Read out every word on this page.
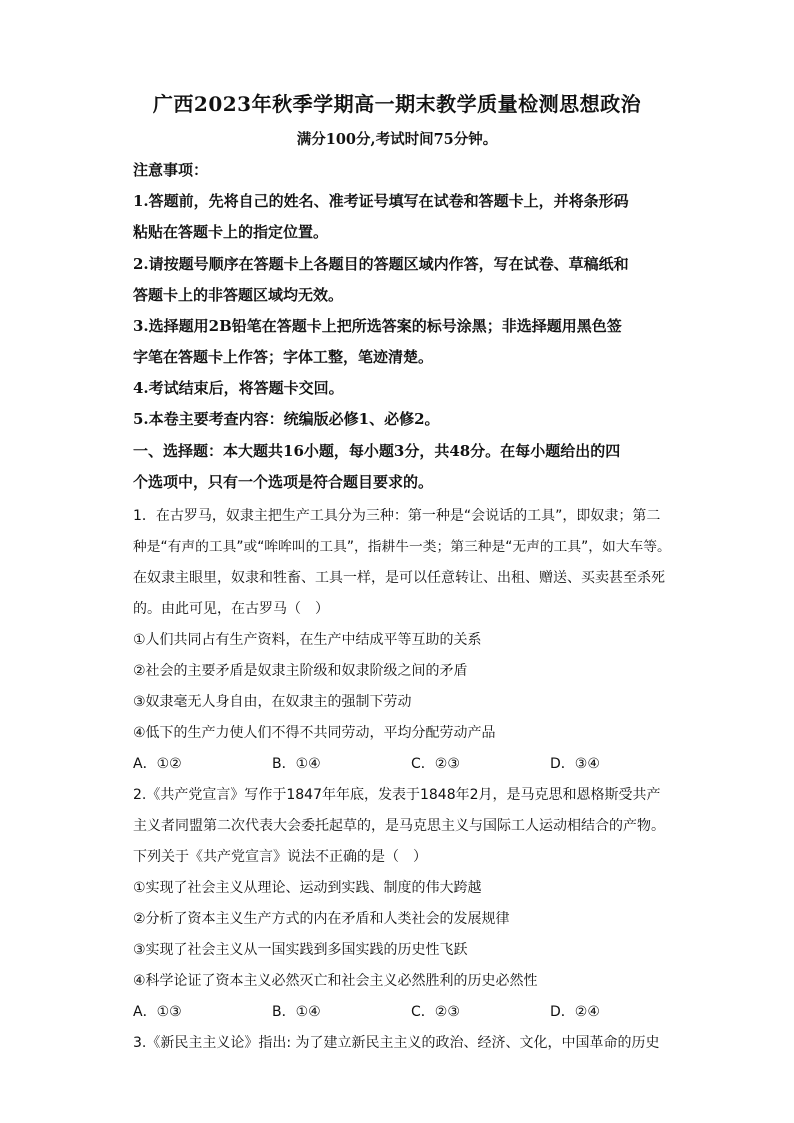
广西2023年秋季学期高一期末教学质量检测思想政治
满分100分,考试时间75分钟。
注意事项：
1.答题前，先将自己的姓名、准考证号填写在试卷和答题卡上，并将条形码
粘贴在答题卡上的指定位置。
2.请按题号顺序在答题卡上各题目的答题区域内作答，写在试卷、草稿纸和
答题卡上的非答题区域均无效。
3.选择题用2B铅笔在答题卡上把所选答案的标号涂黑；非选择题用黑色签
字笔在答题卡上作答；字体工整，笔迹清楚。
4.考试结束后，将答题卡交回。
5.本卷主要考查内容：统编版必修1、必修2。
一、选择题：本大题共16小题，每小题3分，共48分。在每小题给出的四
个选项中，只有一个选项是符合题目要求的。
1．在古罗马，奴隶主把生产工具分为三种：第一种是“会说话的工具”，即奴隶；第二
种是“有声的工具”或“哞哞叫的工具”，指耕牛一类；第三种是“无声的工具”，如大车等。
在奴隶主眼里，奴隶和牲畜、工具一样，是可以任意转让、出租、赠送、买卖甚至杀死
的。由此可见，在古罗马（　）
①人们共同占有生产资料，在生产中结成平等互助的关系
②社会的主要矛盾是奴隶主阶级和奴隶阶级之间的矛盾
③奴隶毫无人身自由，在奴隶主的强制下劳动
④低下的生产力使人们不得不共同劳动，平均分配劳动产品
A．①②	B．①④	C．②③	D．③④
2.《共产党宣言》写作于1847年年底，发表于1848年2月，是马克思和恩格斯受共产
主义者同盟第二次代表大会委托起草的，是马克思主义与国际工人运动相结合的产物。
下列关于《共产党宣言》说法不正确的是（　）
①实现了社会主义从理论、运动到实践、制度的伟大跨越
②分析了资本主义生产方式的内在矛盾和人类社会的发展规律
③实现了社会主义从一国实践到多国实践的历史性飞跃
④科学论证了资本主义必然灭亡和社会主义必然胜利的历史必然性
A．①③	B．①④	C．②③	D．②④
3.《新民主主义论》指出: 为了建立新民主主义的政治、经济、文化，中国革命的历史
